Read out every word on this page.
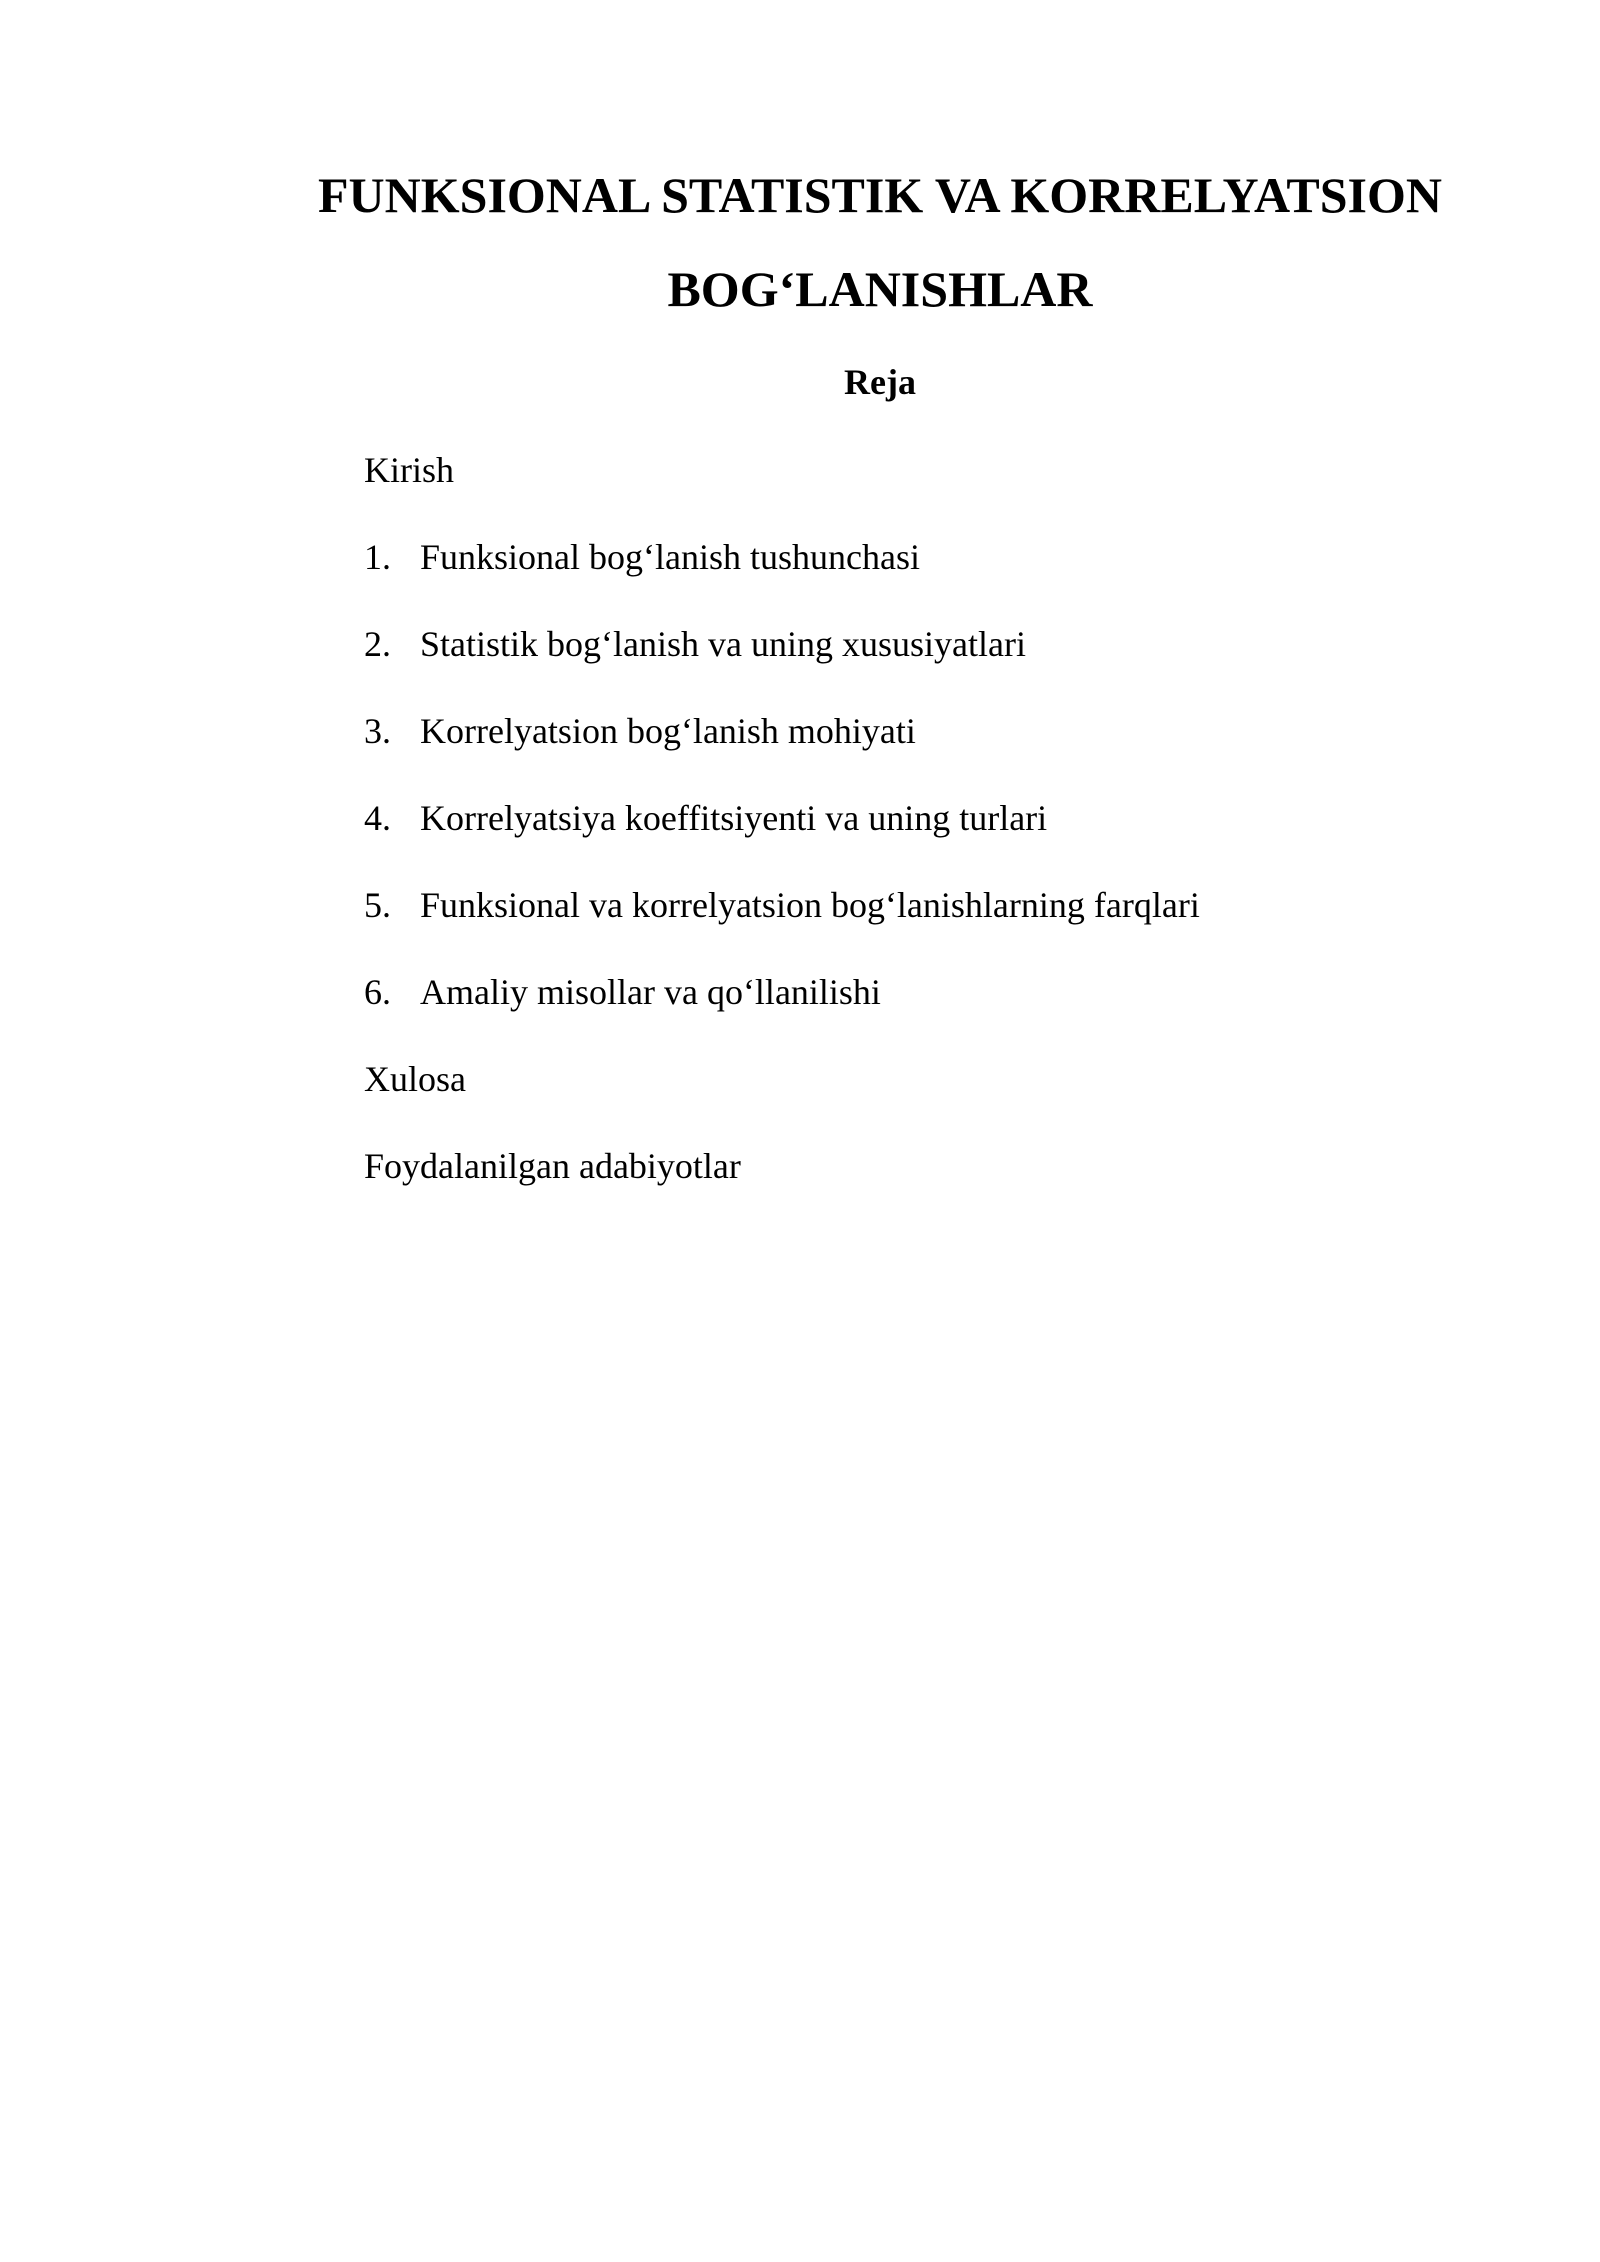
FUNKSIONAL STATISTIK VA KORRELYATSION BOG‘LANISHLAR
Reja
Kirish
1. Funksional bog‘lanish tushunchasi
2. Statistik bog‘lanish va uning xususiyatlari
3. Korrelyatsion bog‘lanish mohiyati
4. Korrelyatsiya koeffitsiyenti va uning turlari
5. Funksional va korrelyatsion bog‘lanishlarning farqlari
6. Amaliy misollar va qo‘llanilishi
Xulosa
Foydalanilgan adabiyotlar
